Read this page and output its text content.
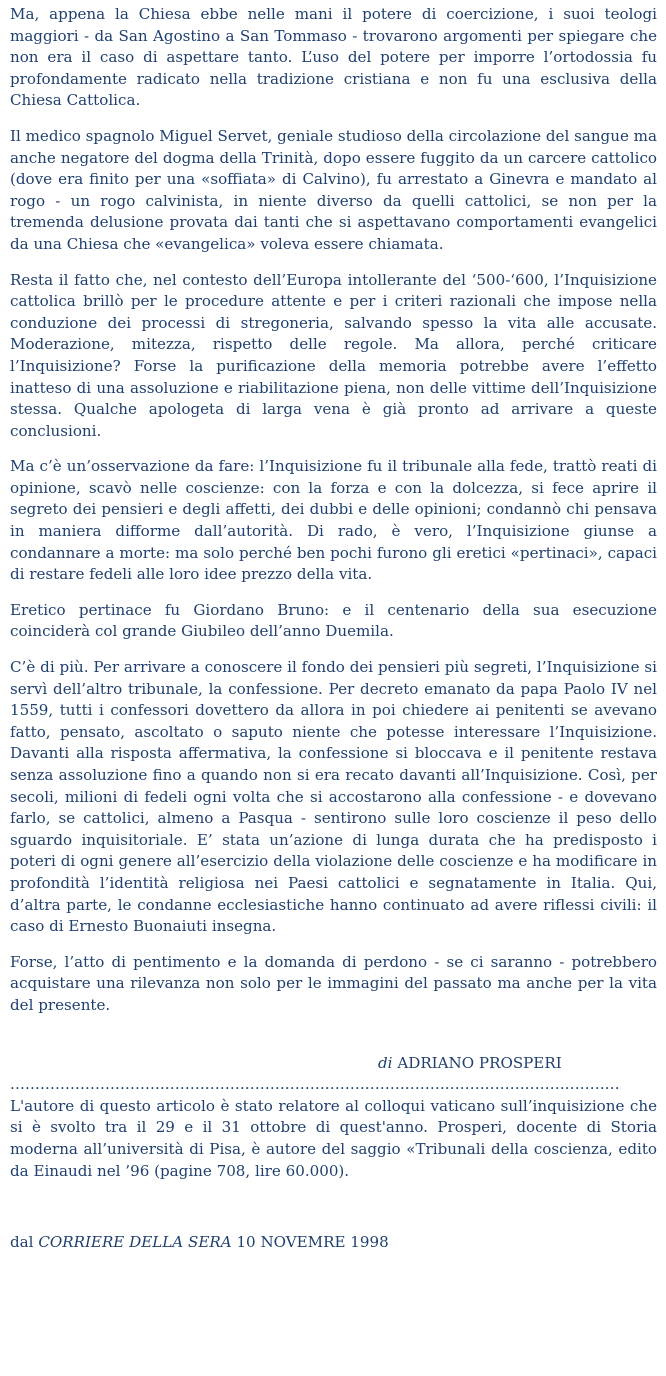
Ma, appena la Chiesa ebbe nelle mani il potere di coercizione, i suoi teologi maggiori - da San Agostino a San Tommaso - trovarono argomenti per spiegare che non era il caso di aspettare tanto. L’uso del potere per imporre l’ortodossia fu profondamente radicato nella tradizione cristiana e non fu una esclusiva della Chiesa Cattolica.

Il medico spagnolo Miguel Servet, geniale studioso della circolazione del sangue ma anche negatore del dogma della Trinità, dopo essere fuggito da un carcere cattolico (dove era finito per una «soffiata» di Calvino), fu arrestato a Ginevra e mandato al rogo - un rogo calvinista, in niente diverso da quelli cattolici, se non per la tremenda delusione provata dai tanti che si aspettavano comportamenti evangelici da una Chiesa che «evangelica» voleva essere chiamata.

Resta il fatto che, nel contesto dell’Europa intollerante del ‘500-‘600, l’Inquisizione cattolica brillò per le procedure attente e per i criteri razionali che impose nella conduzione dei processi di stregoneria, salvando spesso la vita alle accusate. Moderazione, mitezza, rispetto delle regole. Ma allora, perché criticare l’Inquisizione? Forse la purificazione della memoria potrebbe avere l’effetto inatteso di una assoluzione e riabilitazione piena, non delle vittime dell’Inquisizione stessa. Qualche apologeta di larga vena è già pronto ad arrivare a queste conclusioni.

Ma c’è un’osservazione da fare: l’Inquisizione fu il tribunale alla fede, trattò reati di opinione, scavò nelle coscienze: con la forza e con la dolcezza, si fece aprire il segreto dei pensieri e degli affetti, dei dubbi e delle opinioni; condannò chi pensava in maniera difforme dall’autorità. Di rado, è vero, l’Inquisizione giunse a condannare a morte: ma solo perché ben pochi furono gli eretici «pertinaci», capaci di restare fedeli alle loro idee prezzo della vita.

Eretico pertinace fu Giordano Bruno: e il centenario della sua esecuzione coinciderà col grande Giubileo dell’anno Duemila.

C’è di più. Per arrivare a conoscere il fondo dei pensieri più segreti, l’Inquisizione si servì dell’altro tribunale, la confessione. Per decreto emanato da papa Paolo IV nel 1559, tutti i confessori dovettero da allora in poi chiedere ai penitenti se avevano fatto, pensato, ascoltato o saputo niente che potesse interessare l’Inquisizione. Davanti alla risposta affermativa, la confessione si bloccava e il penitente restava senza assoluzione fino a quando non si era recato davanti all’Inquisizione. Così, per secoli, milioni di fedeli ogni volta che si accostarono alla confessione - e dovevano farlo, se cattolici, almeno a Pasqua - sentirono sulle loro coscienze il peso dello sguardo inquisitoriale. E’ stata un’azione di lunga durata che ha predisposto i poteri di ogni genere all’esercizio della violazione delle coscienze e ha modificare in profondità l’identità religiosa nei Paesi cattolici e segnatamente in Italia. Qui, d’altra parte, le condanne ecclesiastiche hanno continuato ad avere riflessi civili: il caso di Ernesto Buonaiuti insegna.

Forse, l’atto di pentimento e la domanda di perdono - se ci saranno - potrebbero acquistare una rilevanza non solo per le immagini del passato ma anche per la vita del presente.

di ADRIANO PROSPERI

..........................................................................................................................

L'autore di questo articolo è stato relatore al colloqui vaticano sull’inquisizione che si è svolto tra il 29 e il 31 ottobre di quest'anno. Prosperi, docente di Storia moderna all’università di Pisa, è autore del saggio «Tribunali della coscienza, edito da Einaudi nel ’96 (pagine 708, lire 60.000).

dal CORRIERE DELLA SERA 10 NOVEMRE 1998
